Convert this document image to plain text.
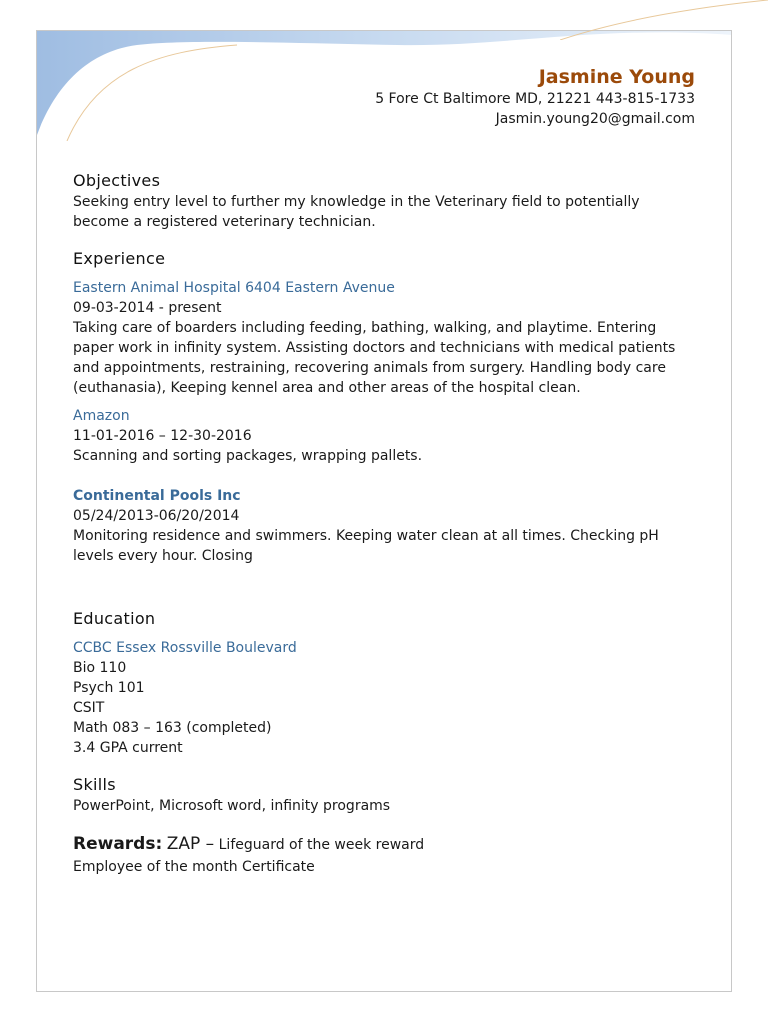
Jasmine Young
5 Fore Ct Baltimore MD, 21221 443-815-1733
Jasmin.young20@gmail.com
Objectives

Seeking entry level to further my knowledge in the Veterinary field to potentially become a registered veterinary technician.

Experience
Eastern Animal Hospital 6404 Eastern Avenue

09-03-2014 - present

Taking care of boarders including feeding, bathing, walking, and playtime. Entering paper work in infinity system. Assisting doctors and technicians with medical patients and appointments, restraining, recovering animals from surgery. Handling body care (euthanasia), Keeping kennel area and other areas of the hospital clean.

Amazon

11-01-2016 – 12-30-2016

Scanning and sorting packages, wrapping pallets.

Continental Pools Inc

05/24/2013-06/20/2014

Monitoring residence and swimmers. Keeping water clean at all times. Checking pH levels every hour. Closing

Education
CCBC Essex Rossville Boulevard

Bio 110

Psych 101

CSIT

Math 083 – 163 (completed)

3.4 GPA current

Skills

PowerPoint, Microsoft word, infinity programs

Rewards: ZAP – Lifeguard of the week reward

Employee of the month Certificate
